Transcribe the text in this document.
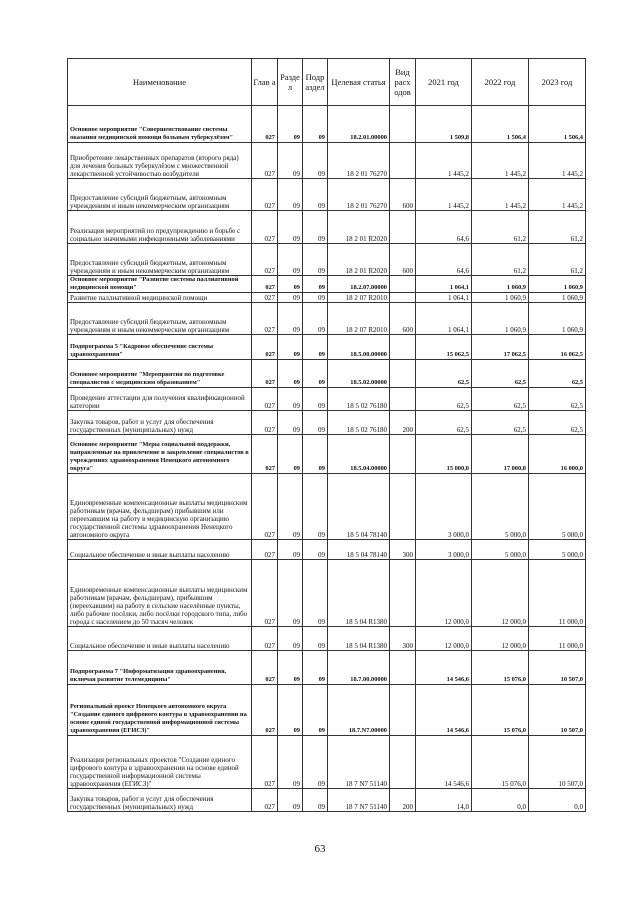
Наименование	Глав а	Разде л	Подр аздел	Целевая статья	Вид расх одов	2021 год	2022 год	2023 год
Основное мероприятие "Совершенствование системы оказания медицинской помощи больным туберкулёзом"	027	09	09	18.2.01.00000		1 509,8	1 506,4	1 506,4
Приобретение лекарственных препаратов (второго ряда) для лечения больных туберкулёзом с множественной лекарственной устойчивостью возбудителя	027	09	09	18 2 01 76270		1 445,2	1 445,2	1 445,2
Предоставление субсидий бюджетным, автономным учреждениям и иным некоммерческим организациям	027	09	09	18 2 01 76270	600	1 445,2	1 445,2	1 445,2
Реализация мероприятий по предупреждению и борьбе с социально значимыми инфекционными заболеваниями	027	09	09	18 2 01 R2020		64,6	61,2	61,2
Предоставление субсидий бюджетным, автономным учреждениям и иным некоммерческим организациям	027	09	09	18 2 01 R2020	600	64,6	61,2	61,2
Основное мероприятие "Развитие системы паллиативной медицинской помощи"	027	09	09	18.2.07.00000		1 064,1	1 060,9	1 060,9
Развитие паллиативной медицинской помощи	027	09	09	18 2 07 R2010		1 064,1	1 060,9	1 060,9
Предоставление субсидий бюджетным, автономным учреждениям и иным некоммерческим организациям	027	09	09	18 2 07 R2010	600	1 064,1	1 060,9	1 060,9
Подпрограмма 5 "Кадровое обеспечение системы здравоохранения"	027	09	09	18.5.00.00000		15 062,5	17 062,5	16 062,5
Основное мероприятие "Мероприятия по подготовке специалистов с медицинским образованием"	027	09	09	18.5.02.00000		62,5	62,5	62,5
Проведение аттестации для получения квалификационной категории	027	09	09	18 5 02 76180		62,5	62,5	62,5
Закупка товаров, работ и услуг для обеспечения государственных (муниципальных) нужд	027	09	09	18 5 02 76180	200	62,5	62,5	62,5
Основное мероприятие "Меры социальной поддержки, направленные на привлечение и закрепление специалистов в учреждениях здравоохранения Ненецкого автономного округа"	027	09	09	18.5.04.00000		15 000,0	17 000,0	16 000,0
Единовременные компенсационные выплаты медицинским работникам (врачам, фельдшерам) прибывшим или переехавшим на работу в медицинскую организацию государственной системы здравоохранения Ненецкого автономного округа	027	09	09	18 5 04 78140		3 000,0	5 000,0	5 000,0
Социальное обеспечение и иные выплаты населению	027	09	09	18 5 04 78140	300	3 000,0	5 000,0	5 000,0
Единовременные компенсационные выплаты медицинским работникам (врачам, фельдшерам), прибывшим (переехавшим) на работу в сельские населённые пункты, либо рабочие посёлки, либо посёлки городского типа, либо города с населением до 50 тысяч человек	027	09	09	18 5 04 R1380		12 000,0	12 000,0	11 000,0
Социальное обеспечение и иные выплаты населению	027	09	09	18 5 04 R1380	300	12 000,0	12 000,0	11 000,0
Подпрограмма 7 "Информатизация здравоохранения, включая развитие телемедицины"	027	09	09	18.7.00.00000		14 546,6	15 076,0	10 507,0
Региональный проект Ненецкого автономного округа "Создание единого цифрового контура в здравоохранении на основе единой государственной информационной системы здравоохранения (ЕГИСЗ)"	027	09	09	18.7.N7.00000		14 546,6	15 076,0	10 507,0
Реализация региональных проектов "Создание единого цифрового контура в здравоохранении на основе единой государственной информационной системы здравоохранения (ЕГИСЗ)"	027	09	09	18 7 N7 51140		14 546,6	15 076,0	10 507,0
Закупка товаров, работ и услуг для обеспечения государственных (муниципальных) нужд	027	09	09	18 7 N7 51140	200	14,0	0,0	0,0
63
